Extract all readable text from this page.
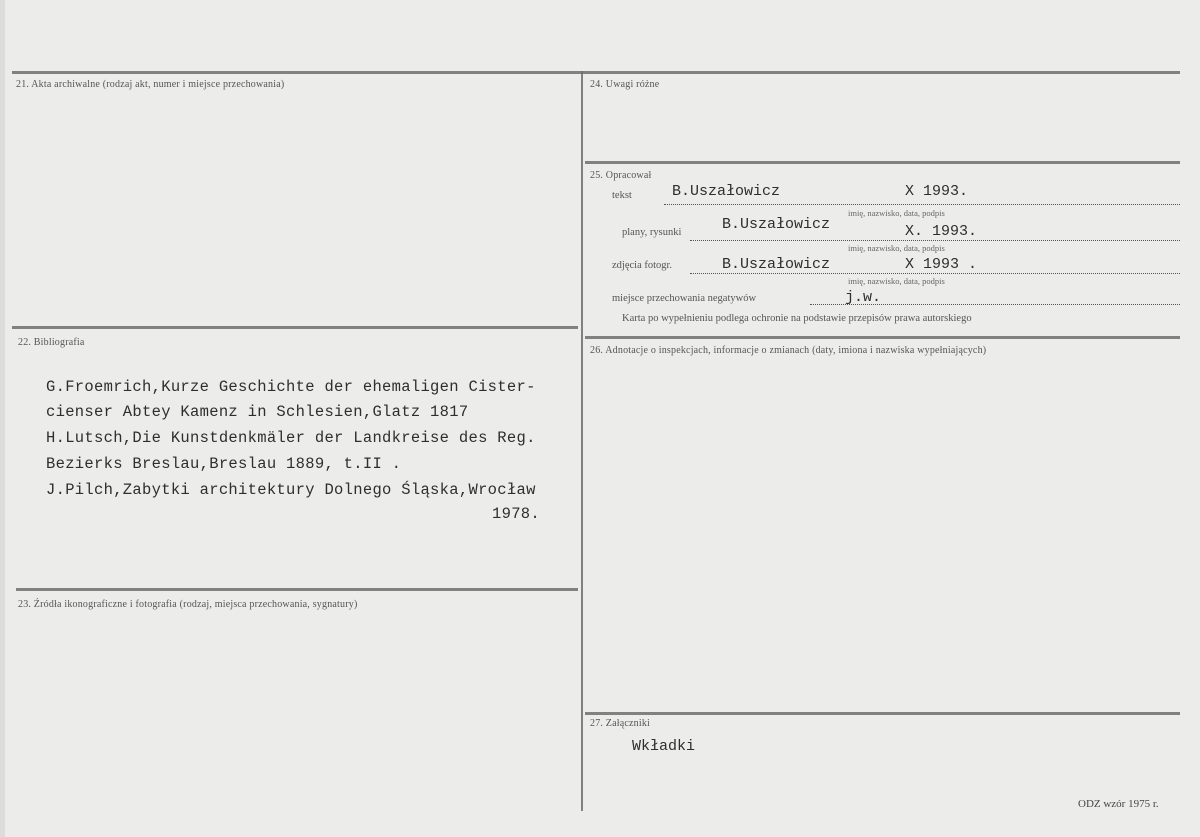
21. Akta archiwalne (rodzaj akt, numer i miejsce przechowania)
22. Bibliografia
G.Froemrich,Kurze Geschichte der ehemaligen Cister-
cienser Abtey Kamenz in Schlesien,Glatz 1817
H.Lutsch,Die Kunstdenkmäler der Landkreise des Reg.
Bezierks Breslau,Breslau 1889, t.II .
J.Pilch,Zabytki architektury Dolnego Śląska,Wrocław
1978.
23. Źródła ikonograficzne i fotografia (rodzaj, miejsca przechowania, sygnatury)
24. Uwagi różne
25. Opracował
tekst	B.Uszałowicz	X 1993.
imię, nazwisko, data, podpis
plany, rysunki	B.Uszałowicz	X. 1993.
imię, nazwisko, data, podpis
zdjęcia fotogr.	B.Uszałowicz	X 1993 .
imię, nazwisko, data, podpis
miejsce przechowania negatywów	j.w.
Karta po wypełnieniu podlega ochronie na podstawie przepisów prawa autorskiego
26. Adnotacje o inspekcjach, informacje o zmianach (daty, imiona i nazwiska wypełniających)
27. Załączniki
Wkładki
ODZ wzór 1975 r.
